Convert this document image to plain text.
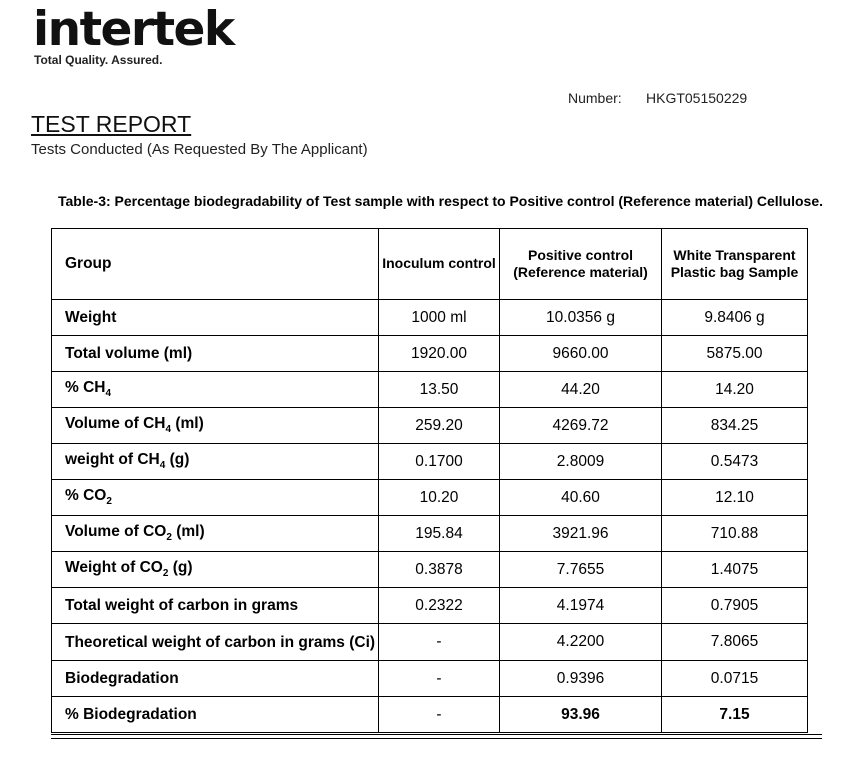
intertek
Total Quality. Assured.
Number: HKGT05150229
TEST REPORT
Tests Conducted (As Requested By The Applicant)
Table-3: Percentage biodegradability of Test sample with respect to Positive control (Reference material) Cellulose.
Group	Inoculum control	Positive control (Reference material)	White Transparent Plastic bag Sample
Weight	1000 ml	10.0356 g	9.8406 g
Total volume (ml)	1920.00	9660.00	5875.00
% $CH_4$	13.50	44.20	14.20
Volume of $CH_4$ (ml)	259.20	4269.72	834.25
weight of $CH_4$ (g)	0.1700	2.8009	0.5473
% $CO_2$	10.20	40.60	12.10
Volume of $CO_2$ (ml)	195.84	3921.96	710.88
Weight of $CO_2$ (g)	0.3878	7.7655	1.4075
Total weight of carbon in grams	0.2322	4.1974	0.7905
Theoretical weight of carbon in grams (Ci)	-	4.2200	7.8065
Biodegradation	-	0.9396	0.0715
% Biodegradation	-	93.96	7.15
